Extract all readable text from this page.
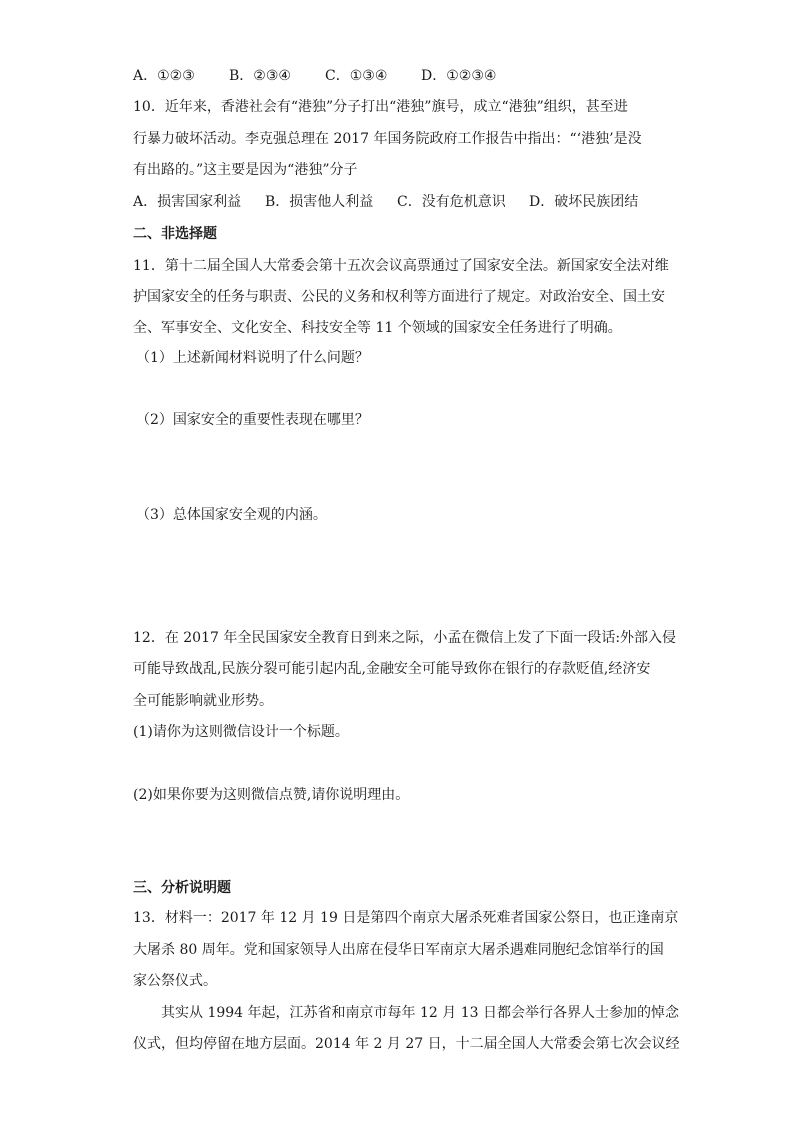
A．①②③ B．②③④ C．①③④ D．①②③④
10．近年来，香港社会有“港独”分子打出“港独”旗号，成立“港独”组织，甚至进
行暴力破坏活动。李克强总理在 2017 年国务院政府工作报告中指出：“‘港独’是没
有出路的。”这主要是因为“港独”分子
A．损害国家利益 B．损害他人利益 C．没有危机意识 D．破坏民族团结
二、非选择题
11．第十二届全国人大常委会第十五次会议高票通过了国家安全法。新国家安全法对维
护国家安全的任务与职责、公民的义务和权利等方面进行了规定。对政治安全、国土安
全、军事安全、文化安全、科技安全等 11 个领域的国家安全任务进行了明确。
（1）上述新闻材料说明了什么问题？
（2）国家安全的重要性表现在哪里？
（3）总体国家安全观的内涵。
12．在 2017 年全民国家安全教育日到来之际，小孟在微信上发了下面一段话:外部入侵
可能导致战乱,民族分裂可能引起内乱,金融安全可能导致你在银行的存款贬值,经济安
全可能影响就业形势。
(1)请你为这则微信设计一个标题。
(2)如果你要为这则微信点赞,请你说明理由。
三、分析说明题
13．材料一：2017 年 12 月 19 日是第四个南京大屠杀死难者国家公祭日，也正逢南京
大屠杀 80 周年。党和国家领导人出席在侵华日军南京大屠杀遇难同胞纪念馆举行的国
家公祭仪式。
其实从 1994 年起，江苏省和南京市每年 12 月 13 日都会举行各界人士参加的悼念
仪式，但均停留在地方层面。2014 年 2 月 27 日，十二届全国人大常委会第七次会议经
